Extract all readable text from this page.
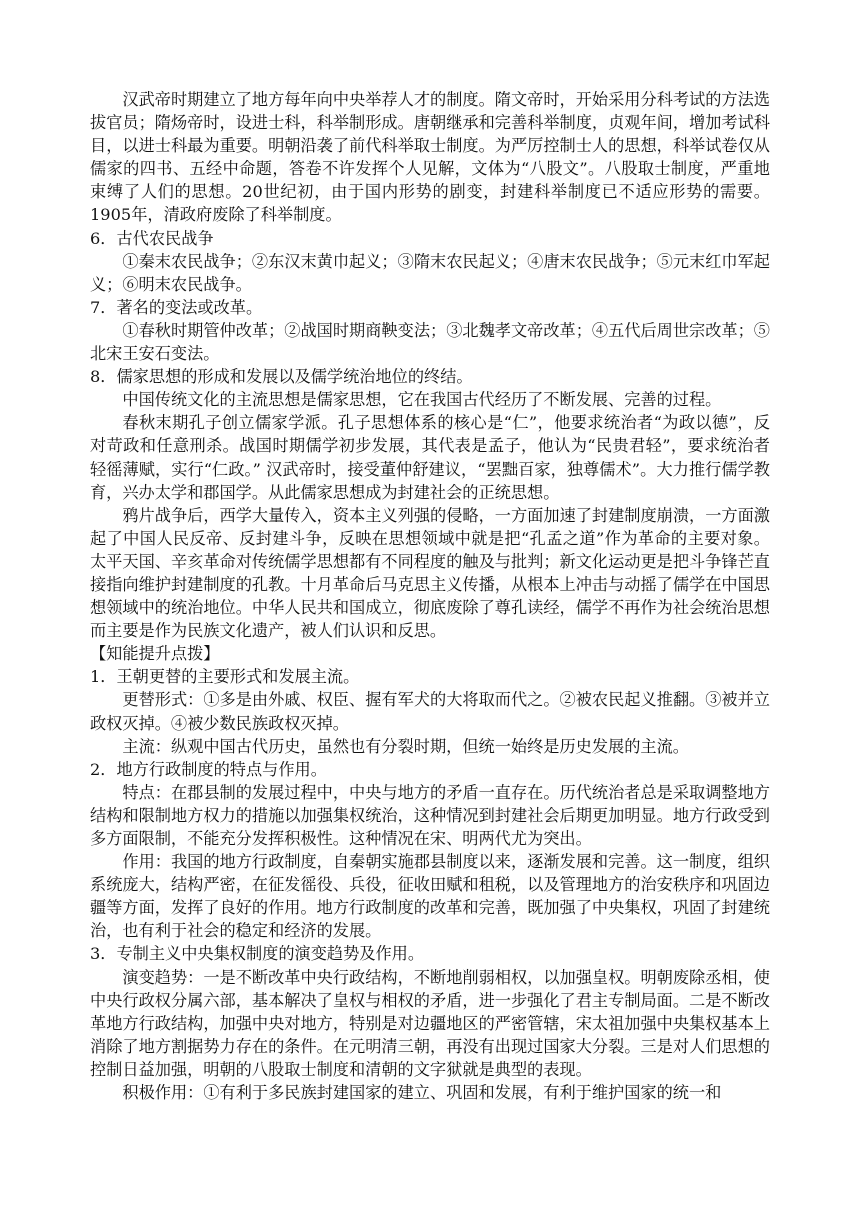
汉武帝时期建立了地方每年向中央举荐人才的制度。隋文帝时，开始采用分科考试的方法选拔官员；隋炀帝时，设进士科，科举制形成。唐朝继承和完善科举制度，贞观年间，增加考试科目，以进士科最为重要。明朝沿袭了前代科举取士制度。为严厉控制士人的思想，科举试卷仅从儒家的四书、五经中命题，答卷不许发挥个人见解，文体为“八股文”。八股取士制度，严重地束缚了人们的思想。20世纪初，由于国内形势的剧变，封建科举制度已不适应形势的需要。1905年，清政府废除了科举制度。

6．古代农民战争

①秦末农民战争；②东汉末黄巾起义；③隋末农民起义；④唐末农民战争；⑤元末红巾军起义；⑥明末农民战争。

7．著名的变法或改革。

①春秋时期管仲改革；②战国时期商鞅变法；③北魏孝文帝改革；④五代后周世宗改革；⑤北宋王安石变法。

8．儒家思想的形成和发展以及儒学统治地位的终结。

中国传统文化的主流思想是儒家思想，它在我国古代经历了不断发展、完善的过程。

春秋末期孔子创立儒家学派。孔子思想体系的核心是“仁”，他要求统治者“为政以德”，反对苛政和任意刑杀。战国时期儒学初步发展，其代表是孟子，他认为“民贵君轻”，要求统治者轻徭薄赋，实行“仁政。” 汉武帝时，接受董仲舒建议，“罢黜百家，独尊儒术”。大力推行儒学教育，兴办太学和郡国学。从此儒家思想成为封建社会的正统思想。

鸦片战争后，西学大量传入，资本主义列强的侵略，一方面加速了封建制度崩溃，一方面激起了中国人民反帝、反封建斗争，反映在思想领域中就是把“孔孟之道”作为革命的主要对象。太平天国、辛亥革命对传统儒学思想都有不同程度的触及与批判；新文化运动更是把斗争锋芒直接指向维护封建制度的孔教。十月革命后马克思主义传播，从根本上冲击与动摇了儒学在中国思想领域中的统治地位。中华人民共和国成立，彻底废除了尊孔读经，儒学不再作为社会统治思想而主要是作为民族文化遗产，被人们认识和反思。

【知能提升点拨】

1．王朝更替的主要形式和发展主流。

更替形式：①多是由外戚、权臣、握有军犬的大将取而代之。②被农民起义推翻。③被并立政权灭掉。④被少数民族政权灭掉。

主流：纵观中国古代历史，虽然也有分裂时期，但统一始终是历史发展的主流。

2．地方行政制度的特点与作用。

特点：在郡县制的发展过程中，中央与地方的矛盾一直存在。历代统治者总是采取调整地方结构和限制地方权力的措施以加强集权统治，这种情况到封建社会后期更加明显。地方行政受到多方面限制，不能充分发挥积极性。这种情况在宋、明两代尤为突出。

作用：我国的地方行政制度，自秦朝实施郡县制度以来，逐渐发展和完善。这一制度，组织系统庞大，结构严密，在征发徭役、兵役，征收田赋和租税，以及管理地方的治安秩序和巩固边疆等方面，发挥了良好的作用。地方行政制度的改革和完善，既加强了中央集权，巩固了封建统治，也有利于社会的稳定和经济的发展。

3．专制主义中央集权制度的演变趋势及作用。

演变趋势：一是不断改革中央行政结构，不断地削弱相权，以加强皇权。明朝废除丞相，使中央行政权分属六部，基本解决了皇权与相权的矛盾，进一步强化了君主专制局面。二是不断改革地方行政结构，加强中央对地方，特别是对边疆地区的严密管辖，宋太祖加强中央集权基本上消除了地方割据势力存在的条件。在元明清三朝，再没有出现过国家大分裂。三是对人们思想的控制日益加强，明朝的八股取士制度和清朝的文字狱就是典型的表现。

积极作用：①有利于多民族封建国家的建立、巩固和发展，有利于维护国家的统一和
